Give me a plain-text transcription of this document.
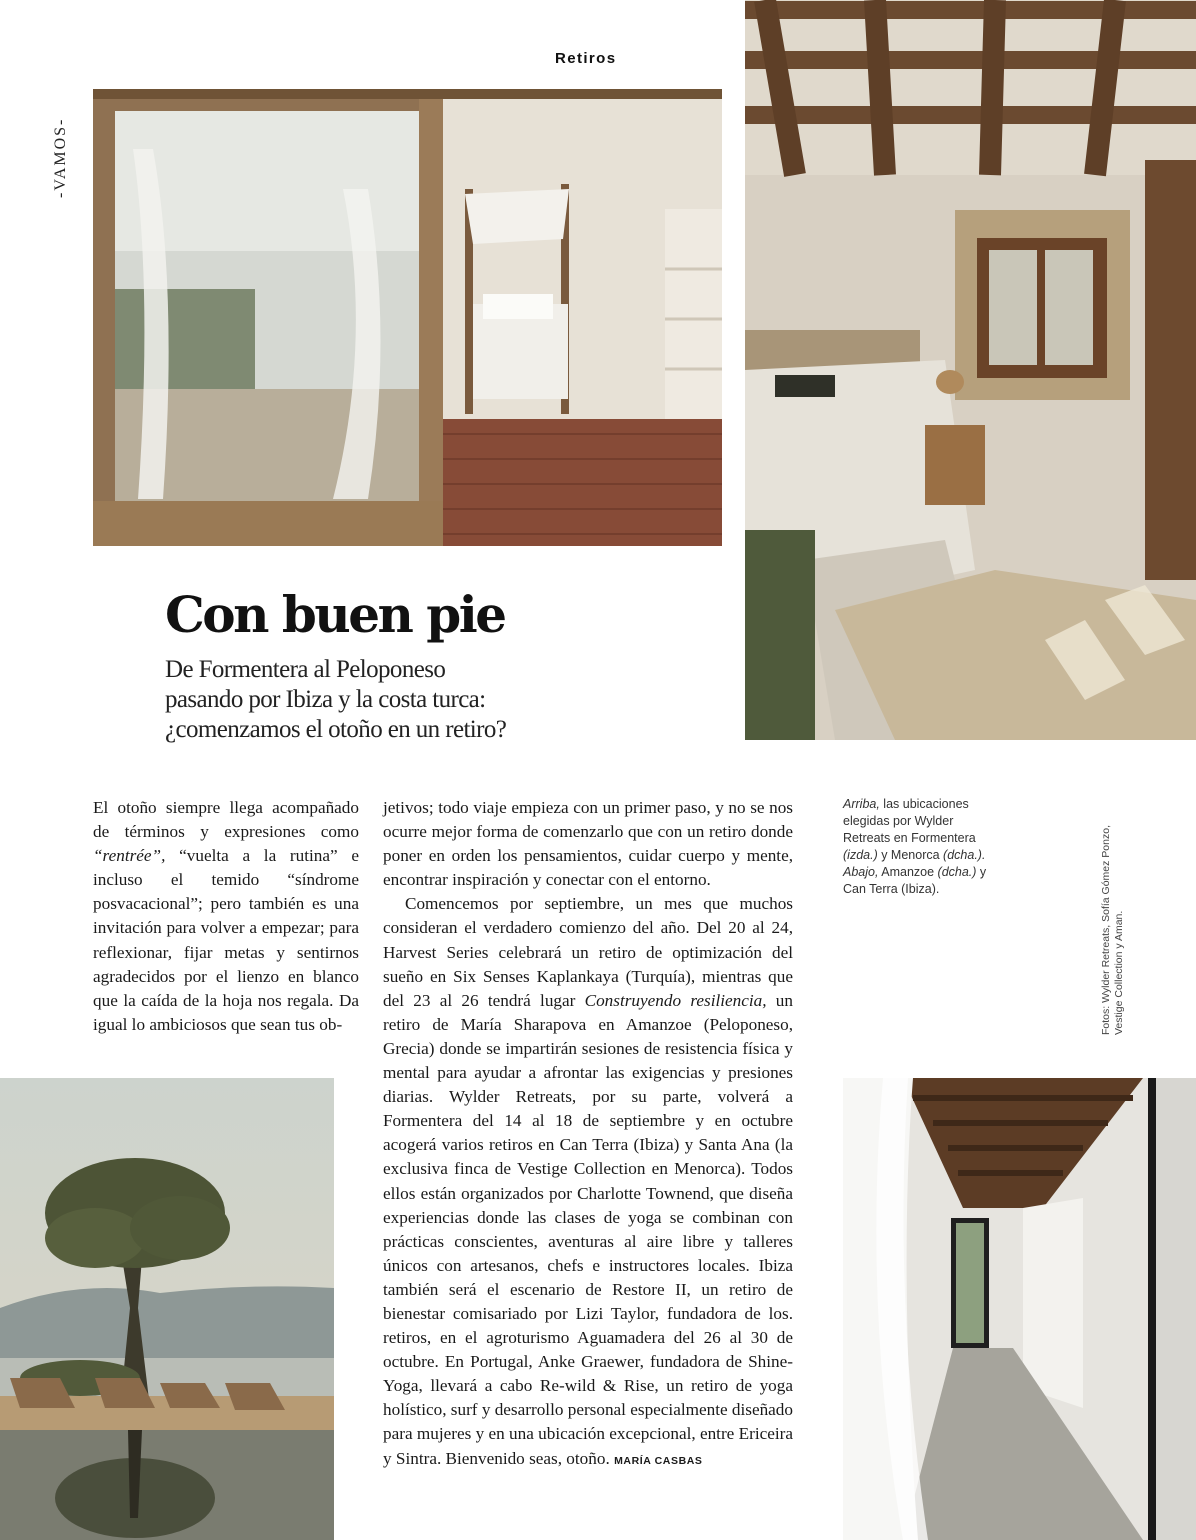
Retiros
-VAMOS-
Con buen pie
De Formentera al Peloponeso
pasando por Ibiza y la costa turca:
¿comenzamos el otoño en un retiro?
El otoño siempre llega acompañado de términos y expresiones como “rentrée”, “vuelta a la rutina” e incluso el temido “síndrome posvacacional”; pero también es una invitación para volver a empezar; para reflexionar, fijar metas y sentirnos agradecidos por el lienzo en blanco que la caída de la hoja nos regala. Da igual lo ambiciosos que sean tus ob-

jetivos; todo viaje empieza con un primer paso, y no se nos ocurre mejor forma de comenzarlo que con un retiro donde poner en orden los pensamientos, cuidar cuerpo y mente, encontrar inspiración y conectar con el entorno.

Comencemos por septiembre, un mes que muchos consideran el verdadero comienzo del año. Del 20 al 24, Harvest Series celebrará un retiro de optimización del sueño en Six Senses Kaplankaya (Turquía), mientras que del 23 al 26 tendrá lugar Construyendo resiliencia, un retiro de María Sharapova en Amanzoe (Peloponeso, Grecia) donde se impartirán sesiones de resistencia física y mental para ayudar a afrontar las exigencias y presiones diarias. Wylder Retreats, por su parte, volverá a Formentera del 14 al 18 de septiembre y en octubre acogerá varios retiros en Can Terra (Ibiza) y Santa Ana (la exclusiva finca de Vestige Collection en Menorca). Todos ellos están organizados por Charlotte Townend, que diseña experiencias donde las clases de yoga se combinan con prácticas conscientes, aventuras al aire libre y talleres únicos con artesanos, chefs e instructores locales. Ibiza también será el escenario de Restore II, un retiro de bienestar comisariado por Lizi Taylor, fundadora de los. retiros, en el agroturismo Aguamadera del 26 al 30 de octubre. En Portugal, Anke Graewer, fundadora de Shine-Yoga, llevará a cabo Re-wild & Rise, un retiro de yoga holístico, surf y desarrollo personal especialmente diseñado para mujeres y en una ubicación excepcional, entre Ericeira y Sintra. Bienvenido seas, otoño. MARÍA CASBAS

Arriba, las ubicaciones elegidas por Wylder Retreats en Formentera (izda.) y Menorca (dcha.). Abajo, Amanzoe (dcha.) y Can Terra (Ibiza).	Fotos: Wylder Retreats, Sofía Gómez Ponzo, Vestige Collection y Aman.
